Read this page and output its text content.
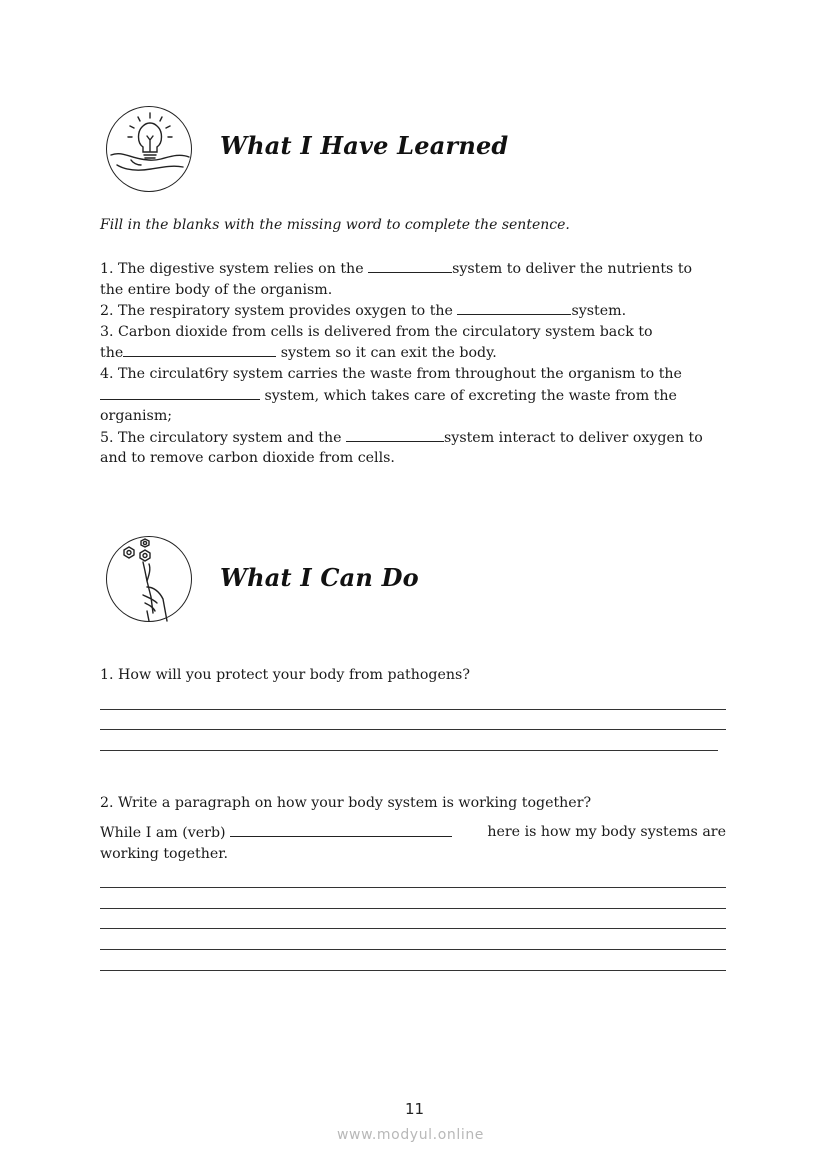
What I Have Learned
Fill in the blanks with the missing word to complete the sentence.
1. The digestive system relies on the	system to deliver the nutrients to
the entire body of the organism.
2. The respiratory system provides oxygen to the	system.
3. Carbon dioxide from cells is delivered from the circulatory system back to
the	system so it can exit the body.
4. The circulat6ry system carries the waste from throughout the organism to the
system, which takes care of excreting the waste from the
organism;
5. The circulatory system and the	system interact to deliver oxygen to
and to remove carbon dioxide from cells.
What I Can Do
1. How will you protect your body from pathogens?
2. Write a paragraph on how your body system is working together?
While I am (verb)	here is how my body systems are
working together.
11
www.modyul.online
